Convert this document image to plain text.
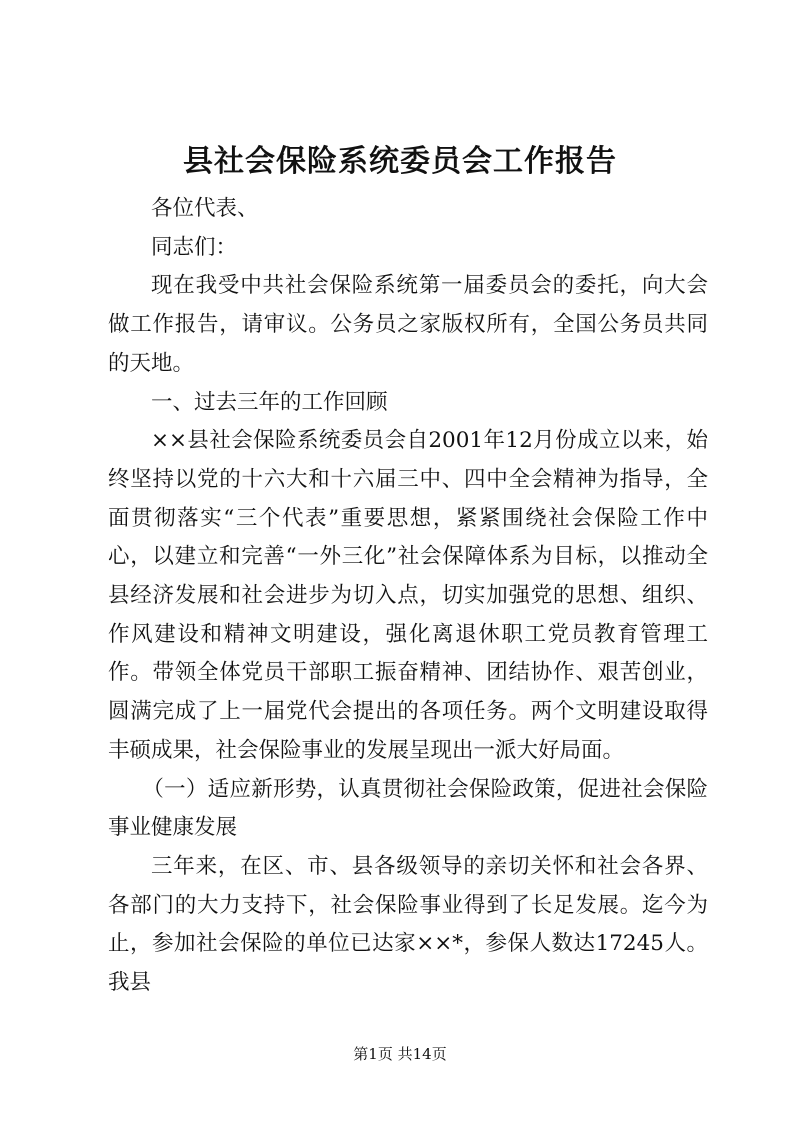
县社会保险系统委员会工作报告

各位代表、

同志们：

现在我受中共社会保险系统第一届委员会的委托，向大会做工作报告，请审议。公务员之家版权所有，全国公务员共同的天地。

一、过去三年的工作回顾

××县社会保险系统委员会自2001年12月份成立以来，始终坚持以党的十六大和十六届三中、四中全会精神为指导，全面贯彻落实“三个代表”重要思想，紧紧围绕社会保险工作中心，以建立和完善“一外三化”社会保障体系为目标，以推动全县经济发展和社会进步为切入点，切实加强党的思想、组织、作风建设和精神文明建设，强化离退休职工党员教育管理工作。带领全体党员干部职工振奋精神、团结协作、艰苦创业，圆满完成了上一届党代会提出的各项任务。两个文明建设取得丰硕成果，社会保险事业的发展呈现出一派大好局面。

（一）适应新形势，认真贯彻社会保险政策，促进社会保险事业健康发展

三年来，在区、市、县各级领导的亲切关怀和社会各界、各部门的大力支持下，社会保险事业得到了长足发展。迄今为止，参加社会保险的单位已达家××*，参保人数达17245人。我县

第1页 共14页
